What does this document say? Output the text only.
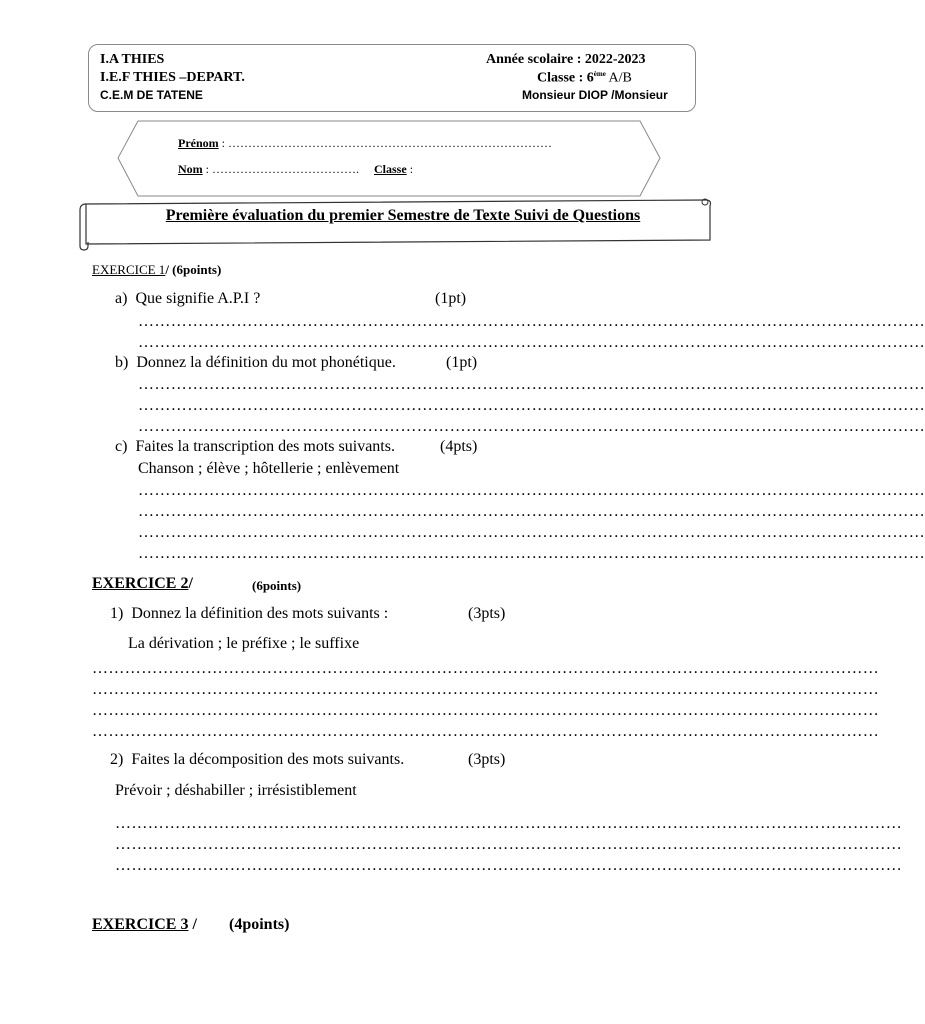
I.A THIES
I.E.F THIES –DEPART.
C.E.M DE TATENE
Année scolaire : 2022-2023
Classe : 6ème A/B
Monsieur DIOP /Monsieur
Prénom : ………………………………………………………………………
Nom : ……………………………….  Classe :
Première évaluation du premier Semestre de Texte Suivi de Questions
EXERCICE 1/ (6points)
a) Que signifie A.P.I ?	(1pt)
………………………………………………………………………………………………………………………………
………………………………………………………………………………………………………………………………
b) Donnez la définition du mot phonétique.	(1pt)
………………………………………………………………………………………………………………………………
………………………………………………………………………………………………………………………………
………………………………………………………………………………………………………………………………
c) Faites la transcription des mots suivants.	(4pts)
Chanson ; élève ; hôtellerie ; enlèvement
………………………………………………………………………………………………………………………………
………………………………………………………………………………………………………………………………
………………………………………………………………………………………………………………………………
………………………………………………………………………………………………………………………………
EXERCICE 2/	(6points)
1) Donnez la définition des mots suivants :	(3pts)
La dérivation ; le préfixe ; le suffixe
………………………………………………………………………………………………………………………………
………………………………………………………………………………………………………………………………
………………………………………………………………………………………………………………………………
………………………………………………………………………………………………………………………………
2) Faites la décomposition des mots suivants.	(3pts)
Prévoir ; déshabiller ; irrésistiblement
………………………………………………………………………………………………………………………………
………………………………………………………………………………………………………………………………
………………………………………………………………………………………………………………………………
EXERCICE 3 / (4points)
